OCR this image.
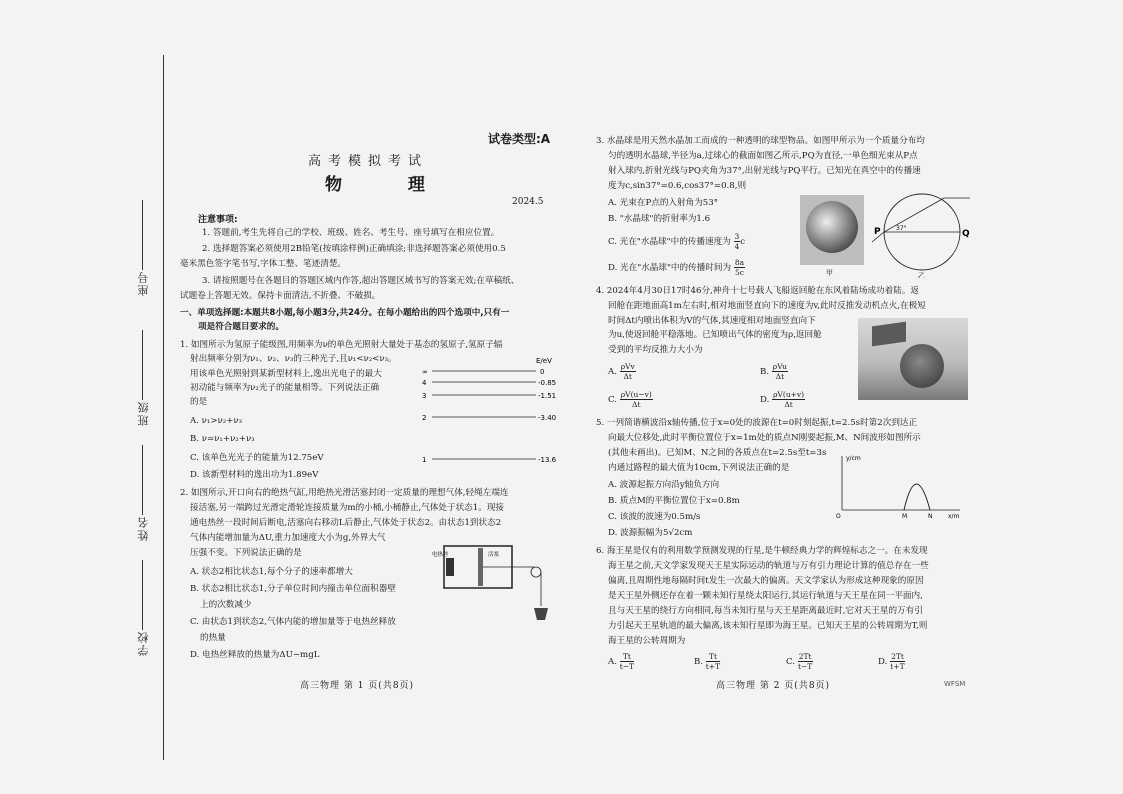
座号
班级
姓名
学校
试卷类型:A
高考模拟考试
物 理
2024.5
注意事项:
1. 答题前,考生先将自己的学校、班级、姓名、考生号、座号填写在相应位置。
2. 选择题答案必须使用2B铅笔(按填涂样例)正确填涂;非选择题答案必须使用0.5
毫米黑色签字笔书写,字体工整、笔迹清楚。
3. 请按照题号在各题目的答题区域内作答,超出答题区域书写的答案无效;在草稿纸、
试题卷上答题无效。保持卡面清洁,不折叠、不破损。
一、单项选择题:本题共8小题,每小题3分,共24分。在每小题给出的四个选项中,只有一
项是符合题目要求的。
1. 如图所示为氢原子能级图,用频率为ν的单色光照射大量处于基态的氢原子,氢原子辐
射出频率分别为ν₁、ν₂、ν₃的三种光子,且ν₁<ν₂<ν₃。
用该单色光照射到某新型材料上,逸出光电子的最大
初动能与频率为ν₂光子的能量相等。下列说法正确
的是
A. ν₁>ν₂+ν₃
B. ν=ν₁+ν₂+ν₃
C. 该单色光光子的能量为12.75eV
D. 该新型材料的逸出功为1.89eV
E/eV
∞	0
4	-0.85
3	-1.51
2	-3.40
1	-13.6
2. 如图所示,开口向右的绝热气缸,用绝热光滑活塞封闭一定质量的理想气体,轻绳左端连
接活塞,另一端跨过光滑定滑轮连接质量为m的小桶,小桶静止,气体处于状态1。现接
通电热丝一段时间后断电,活塞向右移动L后静止,气体处于状态2。由状态1到状态2
气体内能增加量为ΔU,重力加速度大小为g,外界大气
压强不变。下列说法正确的是
A. 状态2相比状态1,每个分子的速率都增大
B. 状态2相比状态1,分子单位时间内撞击单位面积器壁
上的次数减少
C. 由状态1到状态2,气体内能的增加量等于电热丝释放
的热量
D. 电热丝释放的热量为ΔU−mgL
电热丝	活塞
高三物理 第 1 页(共8页)
3. 水晶球是用天然水晶加工而成的一种透明的球型物品。如图甲所示为一个质量分布均
匀的透明水晶球,半径为a,过球心的截面如图乙所示,PQ为直径,一单色细光束从P点
射入球内,折射光线与PQ夹角为37°,出射光线与PQ平行。已知光在真空中的传播速
度为c,sin37°=0.6,cos37°=0.8,则
A. 光束在P点的入射角为53°
B. "水晶球"的折射率为1.6
C. 光在"水晶球"中的传播速度为 $\frac{3}{4}$ c
D. 光在"水晶球"中的传播时间为 $\frac{8a}{5c}$	甲
P	Q
37°
乙
4. 2024年4月30日17时46分,神舟十七号载人飞船返回舱在东风着陆场成功着陆。返
回舱在距地面高1m左右时,相对地面竖直向下的速度为v,此时反推发动机点火,在极短
时间Δt内喷出体积为V的气体,其速度相对地面竖直向下
为u,使返回舱平稳落地。已知喷出气体的密度为ρ,返回舱
受到的平均反推力大小为
A. $\frac{\text{ρVv}}{\Delta t}$	B. $\frac{\text{ρVu}}{\Delta t}$
C. $\frac{\rho V(u-v)}{\Delta t}$	D. $\frac{\rho V(u+v)}{\Delta t}$
5. 一列简谐横波沿x轴传播,位于x=0处的波源在t=0时刻起振,t=2.5s时第2次到达正
向最大位移处,此时平衡位置位于x=1m处的质点N刚要起振,M、N间波形如图所示
(其他未画出)。已知M、N之间的各质点在t=2.5s至t=3s
内通过路程的最大值为10cm,下列说法正确的是
A. 波源起振方向沿y轴负方向
B. 质点M的平衡位置位于x=0.8m
C. 该波的波速为0.5m/s
D. 波源振幅为5√2cm
y/cm
x/m
O	M	N
6. 海王星是仅有的利用数学预测发现的行星,是牛顿经典力学的辉煌标志之一。在未发现
海王星之前,天文学家发现天王星实际运动的轨道与万有引力理论计算的值总存在一些
偏离,且周期性地每隔时间t发生一次最大的偏离。天文学家认为形成这种现象的原因
是天王星外侧还存在着一颗未知行星绕太阳运行,其运行轨道与天王星在同一平面内,
且与天王星的绕行方向相同,每当未知行星与天王星距离最近时,它对天王星的万有引
力引起天王星轨道的最大偏离,该未知行星即为海王星。已知天王星的公转周期为T,则
海王星的公转周期为
A. $\frac{Tt}{t-T}$	B. $\frac{Tt}{t+T}$	C. $\frac{2Tt}{t-T}$	D. $\frac{2Tt}{t+T}$
高三物理 第 2 页(共8页)	WFSM
